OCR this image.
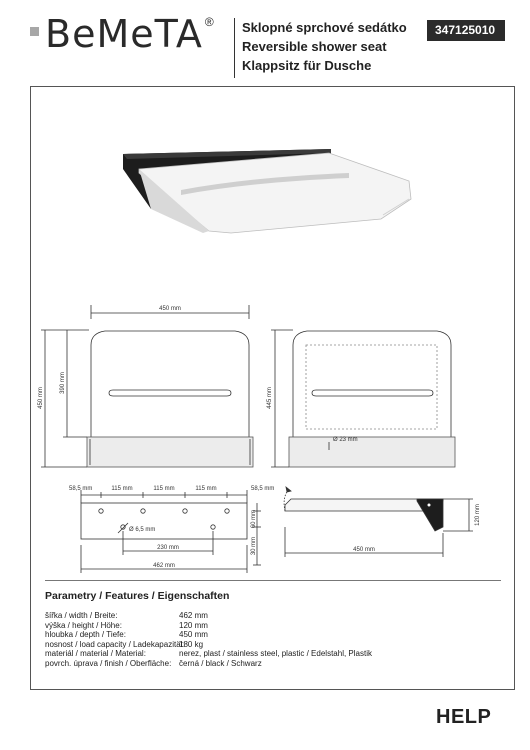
BeMeTA ® Sklopné sprchové sedátko
Reversible shower seat
Klappsitz für Dusche
347125010
450 mm
450 mm
390 mm
445 mm
Ø 23 mm
58,5 mm	115 mm	115 mm	115 mm	58,5 mm
Ø 6,5 mm
230 mm
462 mm
60 mm
30 mm	450 mm
120 mm
Parametry / Features / Eigenschaften
šířka / width / Breite:	462 mm
výška / height / Höhe:	120 mm
hloubka / depth / Tiefe:	450 mm
nosnost / load capacity / Ladekapazität:
180 kg
materiál / material / Material:	nerez, plast / stainless steel, plastic / Edelstahl, Plastik
povrch. úprava / finish / Oberfläche: černá / black / Schwarz
HELP
